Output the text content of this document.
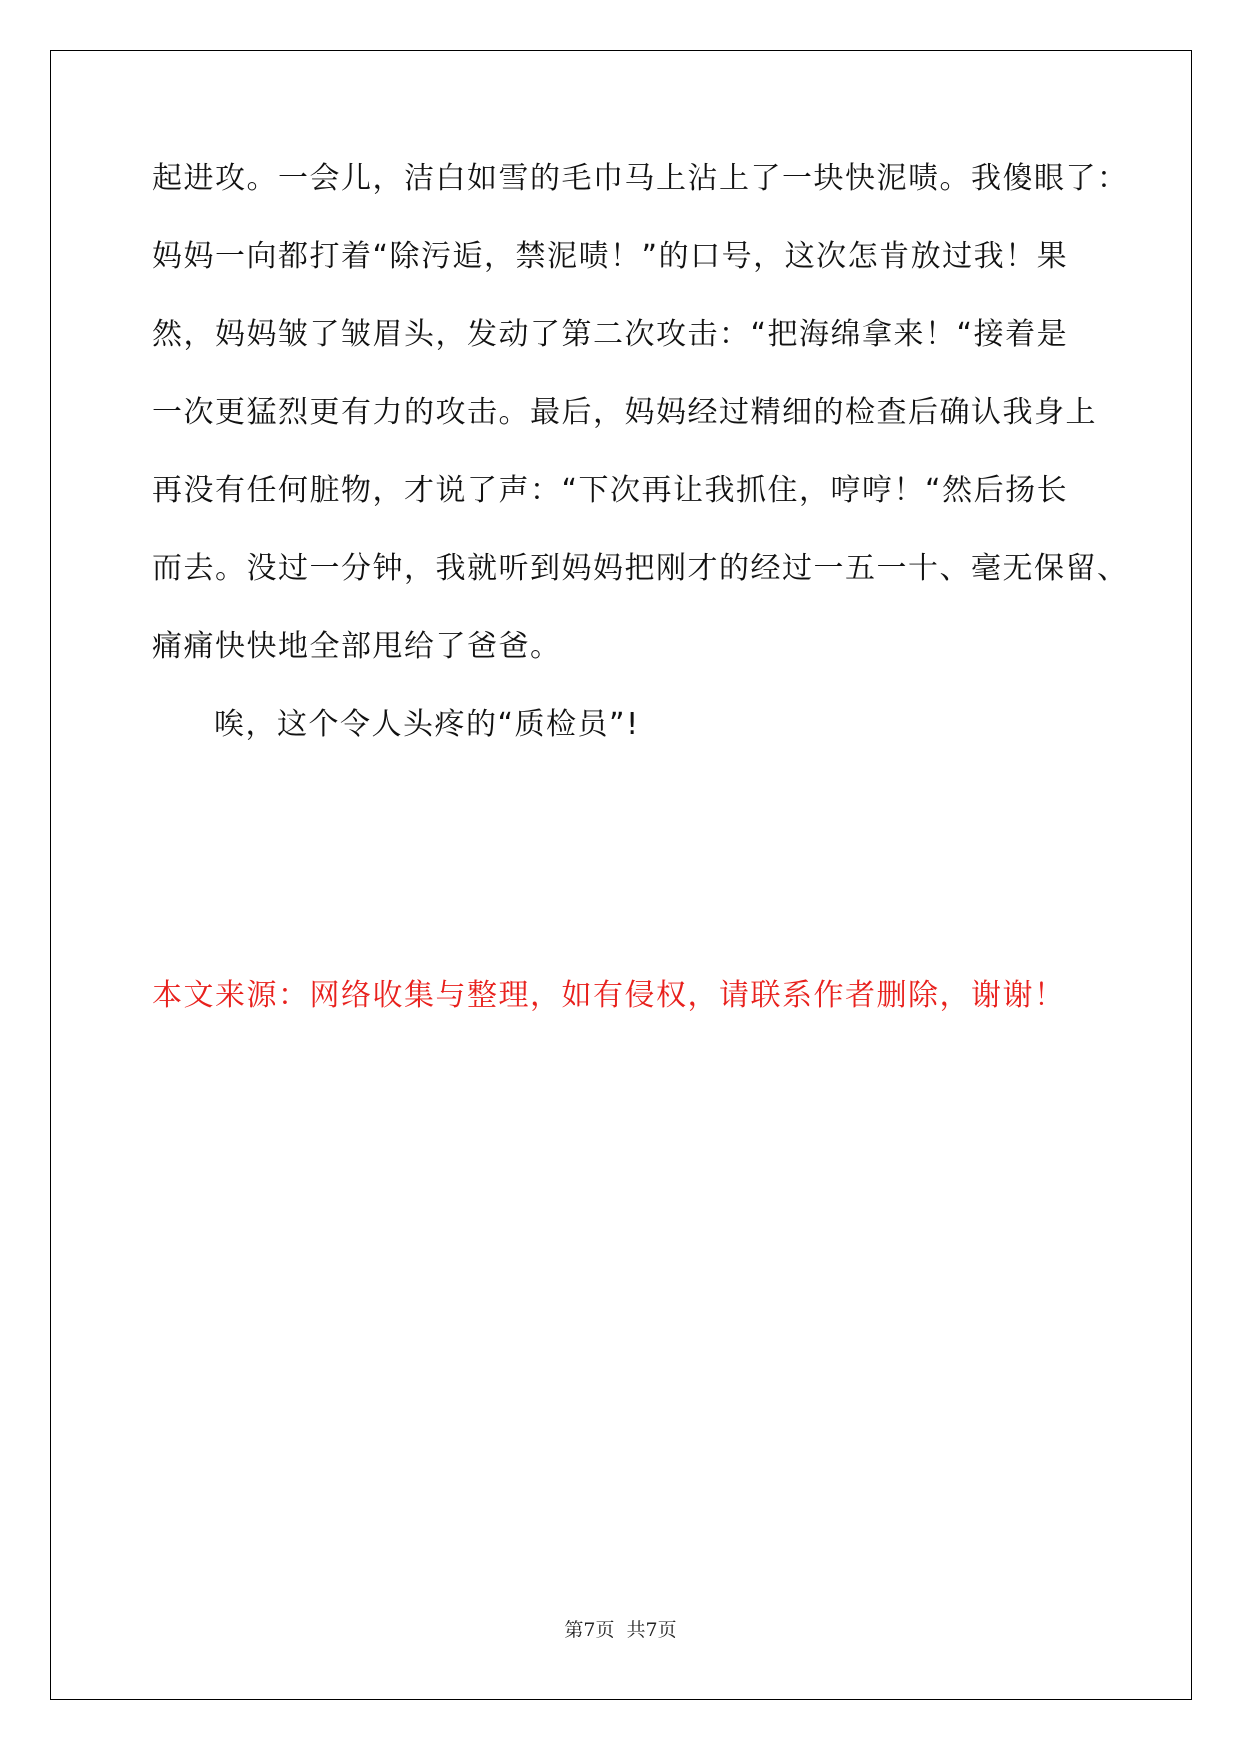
起进攻。一会儿，洁白如雪的毛巾马上沾上了一块快泥啧。我傻眼了：
妈妈一向都打着“除污逅，禁泥啧！”的口号，这次怎肯放过我！果
然，妈妈皱了皱眉头，发动了第二次攻击：“把海绵拿来！“接着是
一次更猛烈更有力的攻击。最后，妈妈经过精细的检查后确认我身上
再没有任何脏物，才说了声：“下次再让我抓住，哼哼！“然后扬长
而去。没过一分钟，我就听到妈妈把刚才的经过一五一十、毫无保留、
痛痛快快地全部甩给了爸爸。
唉，这个令人头疼的“质检员”!
本文来源：网络收集与整理，如有侵权，请联系作者删除，谢谢！
第7页  共7页
